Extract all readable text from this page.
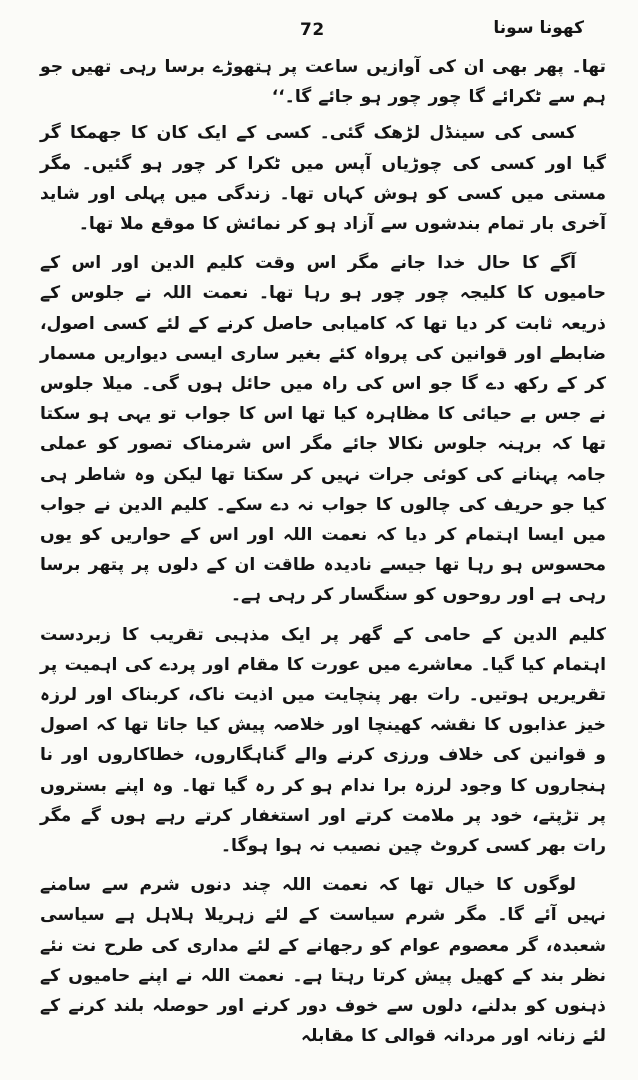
72	کھونا سونا

تھا۔ پھر بھی ان کی آوازیں ساعت پر ہتھوڑے برسا رہی تھیں جو ہم سے ٹکرائے گا چور چور ہو جائے گا۔‘‘

کسی کی سینڈل لڑھک گئی۔ کسی کے ایک کان کا جھمکا گر گیا اور کسی کی چوڑیاں آپس میں ٹکرا کر چور ہو گئیں۔ مگر مستی میں کسی کو ہوش کہاں تھا۔ زندگی میں پہلی اور شاید آخری بار تمام بندشوں سے آزاد ہو کر نمائش کا موقع ملا تھا۔

آگے کا حال خدا جانے مگر اس وقت کلیم الدین اور اس کے حامیوں کا کلیجہ چور چور ہو رہا تھا۔ نعمت اللہ نے جلوس کے ذریعہ ثابت کر دیا تھا کہ کامیابی حاصل کرنے کے لئے کسی اصول، ضابطے اور قوانین کی پرواہ کئے بغیر ساری ایسی دیواریں مسمار کر کے رکھ دے گا جو اس کی راہ میں حائل ہوں گی۔ میلا جلوس نے جس بے حیائی کا مظاہرہ کیا تھا اس کا جواب تو یہی ہو سکتا تھا کہ برہنہ جلوس نکالا جائے مگر اس شرمناک تصور کو عملی جامہ پہنانے کی کوئی جرات نہیں کر سکتا تھا لیکن وہ شاطر ہی کیا جو حریف کی چالوں کا جواب نہ دے سکے۔ کلیم الدین نے جواب میں ایسا اہتمام کر دیا کہ نعمت اللہ اور اس کے حواریں کو یوں محسوس ہو رہا تھا جیسے نادیدہ طاقت ان کے دلوں پر پتھر برسا رہی ہے اور روحوں کو سنگسار کر رہی ہے۔

کلیم الدین کے حامی کے گھر پر ایک مذہبی تقریب کا زبردست اہتمام کیا گیا۔ معاشرے میں عورت کا مقام اور پردے کی اہمیت پر تقریریں ہوتیں۔ رات بھر پنچایت میں اذیت ناک، کربناک اور لرزہ خیز عذابوں کا نقشہ کھینچا اور خلاصہ پیش کیا جاتا تھا کہ اصول و قوانین کی خلاف ورزی کرنے والے گناہگاروں، خطاکاروں اور نا ہنجاروں کا وجود لرزہ برا ندام ہو کر رہ گیا تھا۔ وہ اپنے بستروں پر تڑپتے، خود پر ملامت کرتے اور استغفار کرتے رہے ہوں گے مگر رات بھر کسی کروٹ چین نصیب نہ ہوا ہوگا۔

لوگوں کا خیال تھا کہ نعمت اللہ چند دنوں شرم سے سامنے نہیں آئے گا۔ مگر شرم سیاست کے لئے زہریلا ہلاہل ہے سیاسی شعبدہ، گر معصوم عوام کو رجھانے کے لئے مداری کی طرح نت نئے نظر بند کے کھیل پیش کرتا رہتا ہے۔ نعمت اللہ نے اپنے حامیوں کے ذہنوں کو بدلنے، دلوں سے خوف دور کرنے اور حوصلہ بلند کرنے کے لئے زنانہ اور مردانہ قوالی کا مقابلہ
